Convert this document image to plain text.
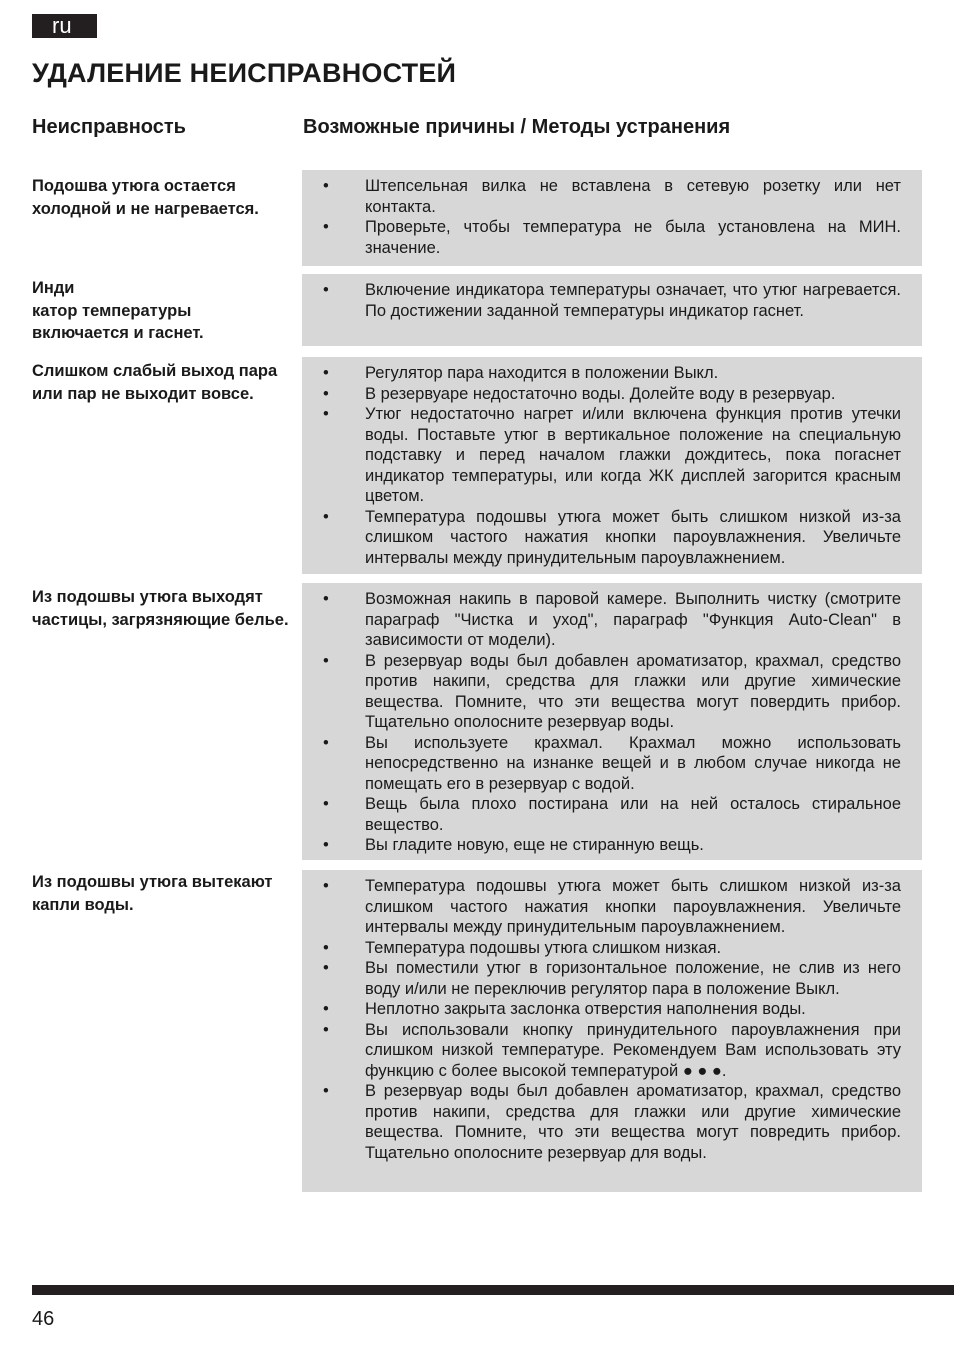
ru
УДАЛЕНИЕ НЕИСПРАВНОСТЕЙ
Неисправность	Возможные причины / Методы устранения
Подошва утюга остается холодной и не нагревается.
• Штепсельная вилка не вставлена в сетевую розетку или нет контакта.
• Проверьте, чтобы температура не была установлена на МИН. значение.
Инди
катор температуры включается и гаснет.
• Включение индикатора температуры означает, что утюг нагревается. По достижении заданной температуры индикатор гаснет.
Слишком слабый выход пара или пар не выходит вовсе.
• Регулятор пара находится в положении Выкл.
• В резервуаре недостаточно воды. Долейте воду в резервуар.
• Утюг недостаточно нагрет и/или включена функция против утечки воды. Поставьте утюг в вертикальное положение на специальную подставку и перед началом глажки дождитесь, пока погаснет индикатор температуры, или когда ЖК дисплей загорится красным цветом.
• Температура подошвы утюга может быть слишком низкой из-за слишком частого нажатия кнопки пароувлажнения. Увеличьте интервалы между принудительным пароувлажнением.
Из подошвы утюга выходят частицы, загрязняющие белье.
• Возможная накипь в паровой камере. Выполнить чистку (смотрите параграф "Чистка и уход", параграф "Функция Auto-Clean" в зависимости от модели).
• В резервуар воды был добавлен ароматизатор, крахмал, средство против накипи, средства для глажки или другие химические вещества. Помните, что эти вещества могут повердить прибор. Тщательно ополосните резервуар воды.
• Вы используете крахмал. Крахмал можно использовать непосредственно на изнанке вещей и в любом случае никогда не помещать его в резервуар с водой.
• Вещь была плохо постирана или на ней осталось стиральное вещество.
• Вы гладите новую, еще не стиранную вещь.
Из подошвы утюга вытекают капли воды.
• Температура подошвы утюга может быть слишком низкой из-за слишком частого нажатия кнопки пароувлажнения. Увеличьте интервалы между принудительным пароувлажнением.
• Температура подошвы утюга слишком низкая.
• Вы поместили утюг в горизонтальное положение, не слив из него воду и/или не переключив регулятор пара в положение Выкл.
• Неплотно закрыта заслонка отверстия наполнения воды.
• Вы использовали кнопку принудительного пароувлажнения при слишком низкой температуре. Рекомендуем Вам использовать эту функцию с более высокой температурой ● ● ●.
• В резервуар воды был добавлен ароматизатор, крахмал, средство против накипи, средства для глажки или другие химические вещества. Помните, что эти вещества могут повредить прибор. Тщательно ополосните резервуар для воды.
46
